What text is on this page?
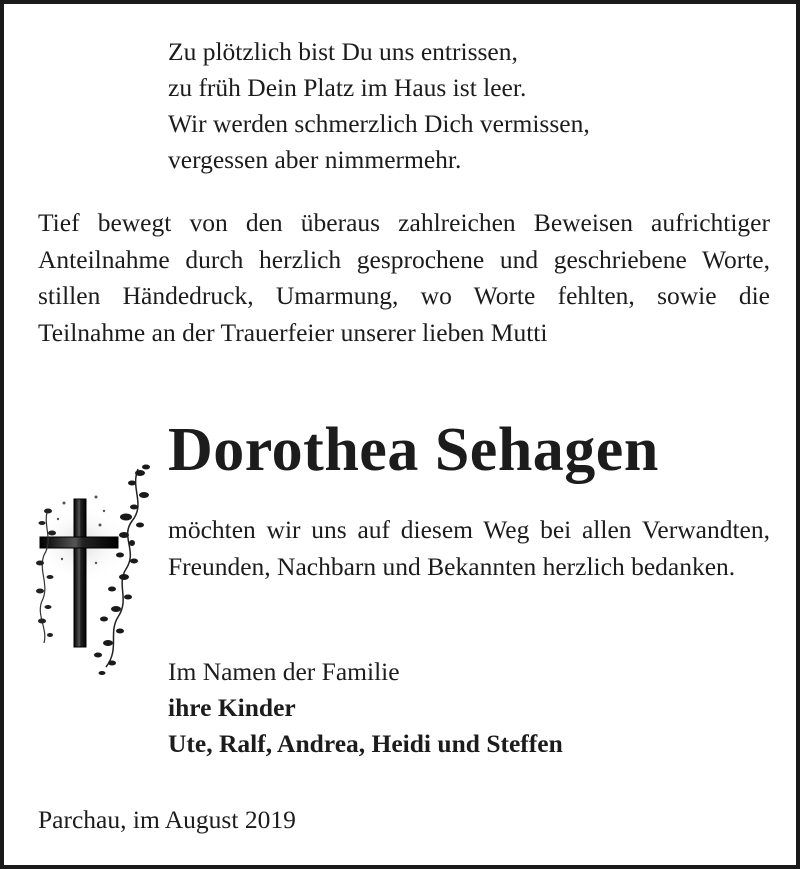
Zu plötzlich bist Du uns entrissen,
zu früh Dein Platz im Haus ist leer.
Wir werden schmerzlich Dich vermissen,
vergessen aber nimmermehr.
Tief bewegt von den überaus zahlreichen Beweisen aufrichtiger Anteilnahme durch herzlich gesprochene und geschriebene Worte, stillen Händedruck, Umarmung, wo Worte fehlten, sowie die Teilnahme an der Trauerfeier unserer lieben Mutti
Dorothea Sehagen
möchten wir uns auf diesem Weg bei allen Verwandten, Freunden, Nachbarn und Bekannten herzlich bedanken.
Im Namen der Familie
ihre Kinder
Ute, Ralf, Andrea, Heidi und Steffen
Parchau, im August 2019
